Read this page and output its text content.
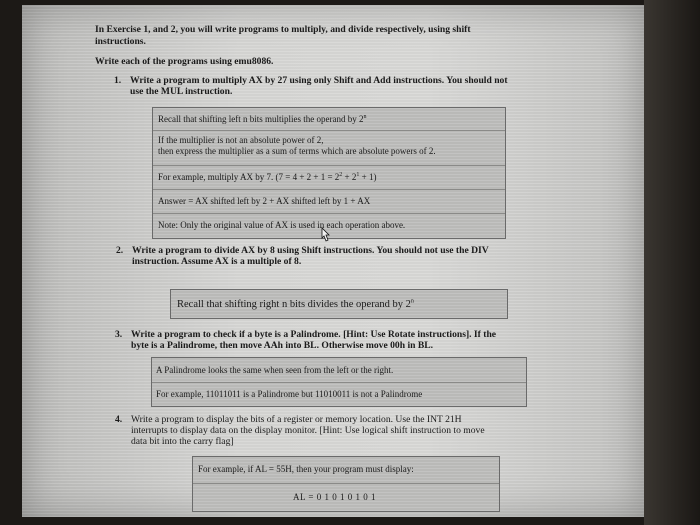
In Exercise 1, and 2, you will write programs to multiply, and divide respectively, using shift
instructions.
Write each of the programs using emu8086.
1. Write a program to multiply AX by 27 using only Shift and Add instructions. You should not
use the MUL instruction.
Recall that shifting left n bits multiplies the operand by 2$^n$
If the multiplier is not an absolute power of 2,
then express the multiplier as a sum of terms which are absolute powers of 2.
For example, multiply AX by 7. $(7 = 4 + 2 + 1 = 2^2 + 2^1 + 1)$
Answer = AX shifted left by 2 + AX shifted left by 1 + AX
Note: Only the original value of AX is used in each operation above.
2. Write a program to divide AX by 8 using Shift instructions. You should not use the DIV
instruction. Assume AX is a multiple of 8.
Recall that shifting right n bits divides the operand by 2$^n$
3. Write a program to check if a byte is a Palindrome. [Hint: Use Rotate instructions]. If the
byte is a Palindrome, then move AAh into BL. Otherwise move 00h in BL.
A Palindrome looks the same when seen from the left or the right.
For example, 11011011 is a Palindrome but 11010011 is not a Palindrome
4. Write a program to display the bits of a register or memory location. Use the INT 21H
interrupts to display data on the display monitor. [Hint: Use logical shift instruction to move
data bit into the carry flag]
For example, if AL = 55H, then your program must display:
AL = 0 1 0 1 0 1 0 1
